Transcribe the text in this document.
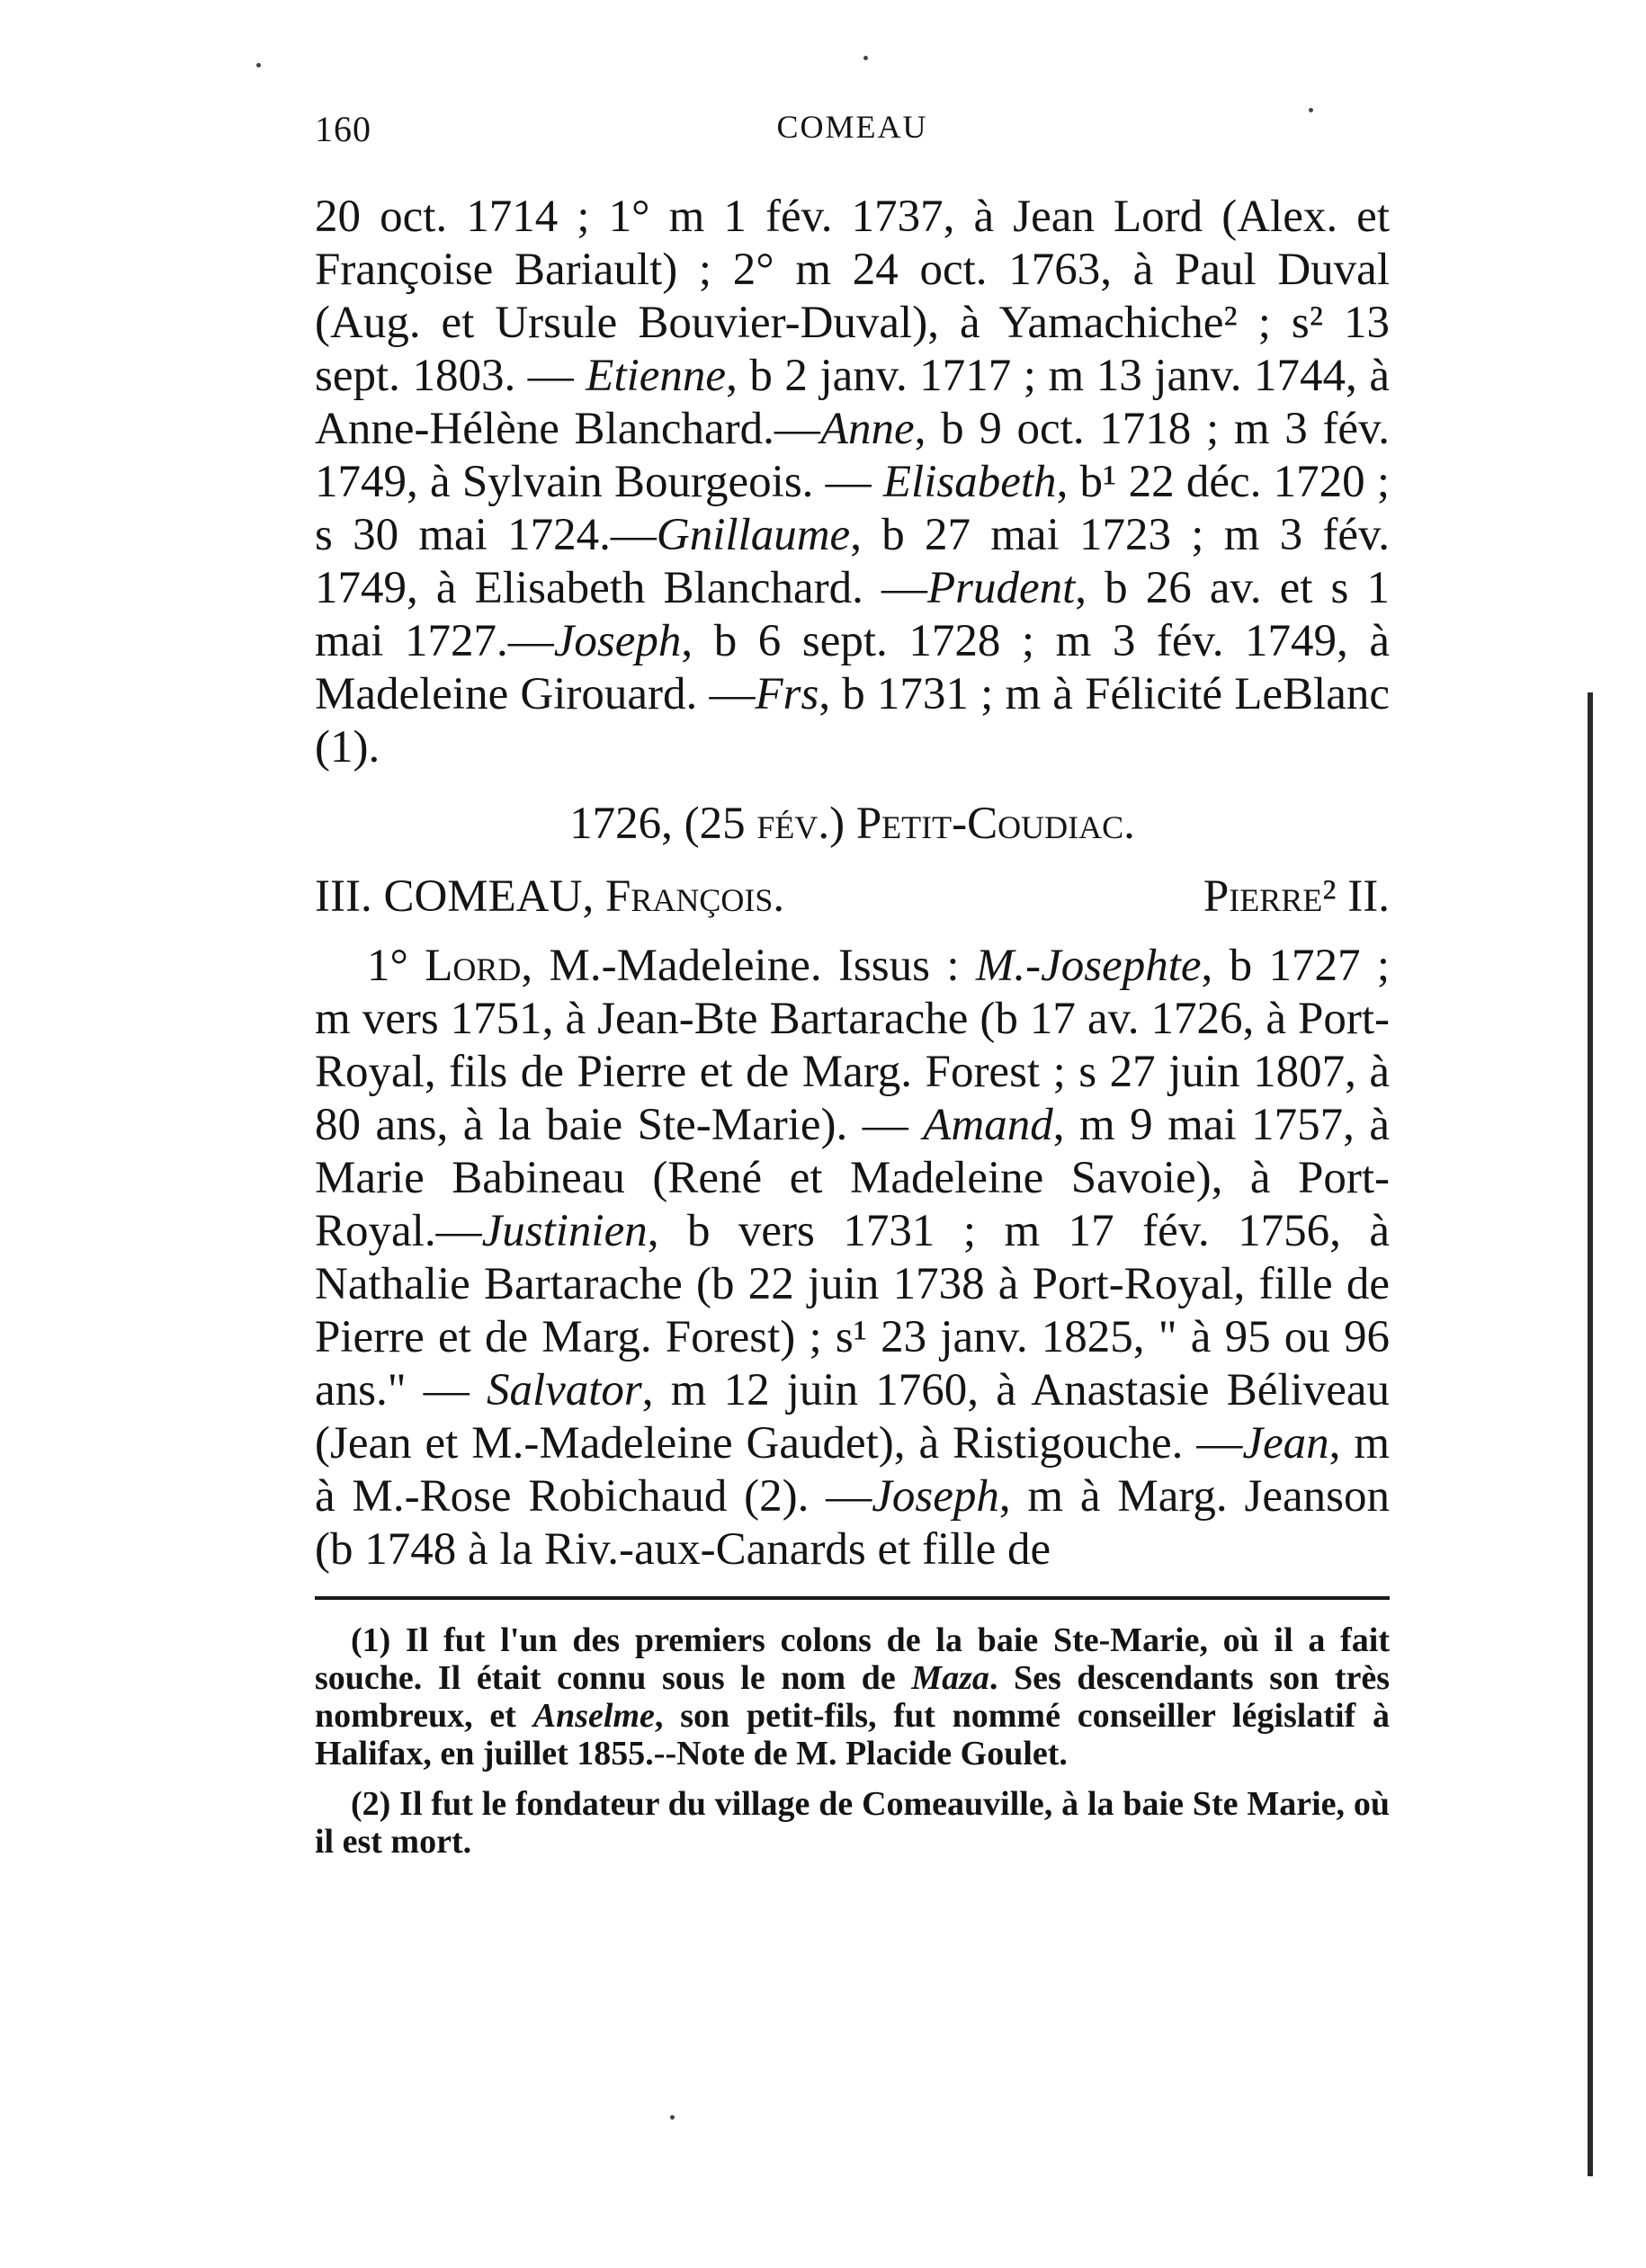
160	COMEAU

20 oct. 1714 ; 1° m 1 fév. 1737, à Jean Lord (Alex. et Françoise Bariault) ; 2° m 24 oct. 1763, à Paul Duval (Aug. et Ursule Bouvier-Duval), à Yamachiche² ; s² 13 sept. 1803. — Etienne, b 2 janv. 1717 ; m 13 janv. 1744, à Anne-Hélène Blanchard.—Anne, b 9 oct. 1718 ; m 3 fév. 1749, à Sylvain Bourgeois. — Elisabeth, b¹ 22 déc. 1720 ; s 30 mai 1724.—Gnillaume, b 27 mai 1723 ; m 3 fév. 1749, à Elisabeth Blanchard. —Prudent, b 26 av. et s 1 mai 1727.—Joseph, b 6 sept. 1728 ; m 3 fév. 1749, à Madeleine Girouard. —Frs, b 1731 ; m à Félicité LeBlanc (1).

1726, (25 fév.) Petit-Coudiac.
III. COMEAU, François.	Pierre² II.

1° Lord, M.-Madeleine. Issus : M.-Josephte, b 1727 ; m vers 1751, à Jean-Bte Bartarache (b 17 av. 1726, à Port-Royal, fils de Pierre et de Marg. Forest ; s 27 juin 1807, à 80 ans, à la baie Ste-Marie). — Amand, m 9 mai 1757, à Marie Babineau (René et Madeleine Savoie), à Port-Royal.—Justinien, b vers 1731 ; m 17 fév. 1756, à Nathalie Bartarache (b 22 juin 1738 à Port-Royal, fille de Pierre et de Marg. Forest) ; s¹ 23 janv. 1825, " à 95 ou 96 ans." — Salvator, m 12 juin 1760, à Anastasie Béliveau (Jean et M.-Madeleine Gaudet), à Ristigouche. —Jean, m à M.-Rose Robichaud (2). —Joseph, m à Marg. Jeanson (b 1748 à la Riv.-aux-Canards et fille de

(1) Il fut l'un des premiers colons de la baie Ste-Marie, où il a fait souche. Il était connu sous le nom de Maza. Ses descendants son très nombreux, et Anselme, son petit-fils, fut nommé conseiller législatif à Halifax, en juillet 1855.--Note de M. Placide Goulet.

(2) Il fut le fondateur du village de Comeauville, à la baie Ste Marie, où il est mort.
